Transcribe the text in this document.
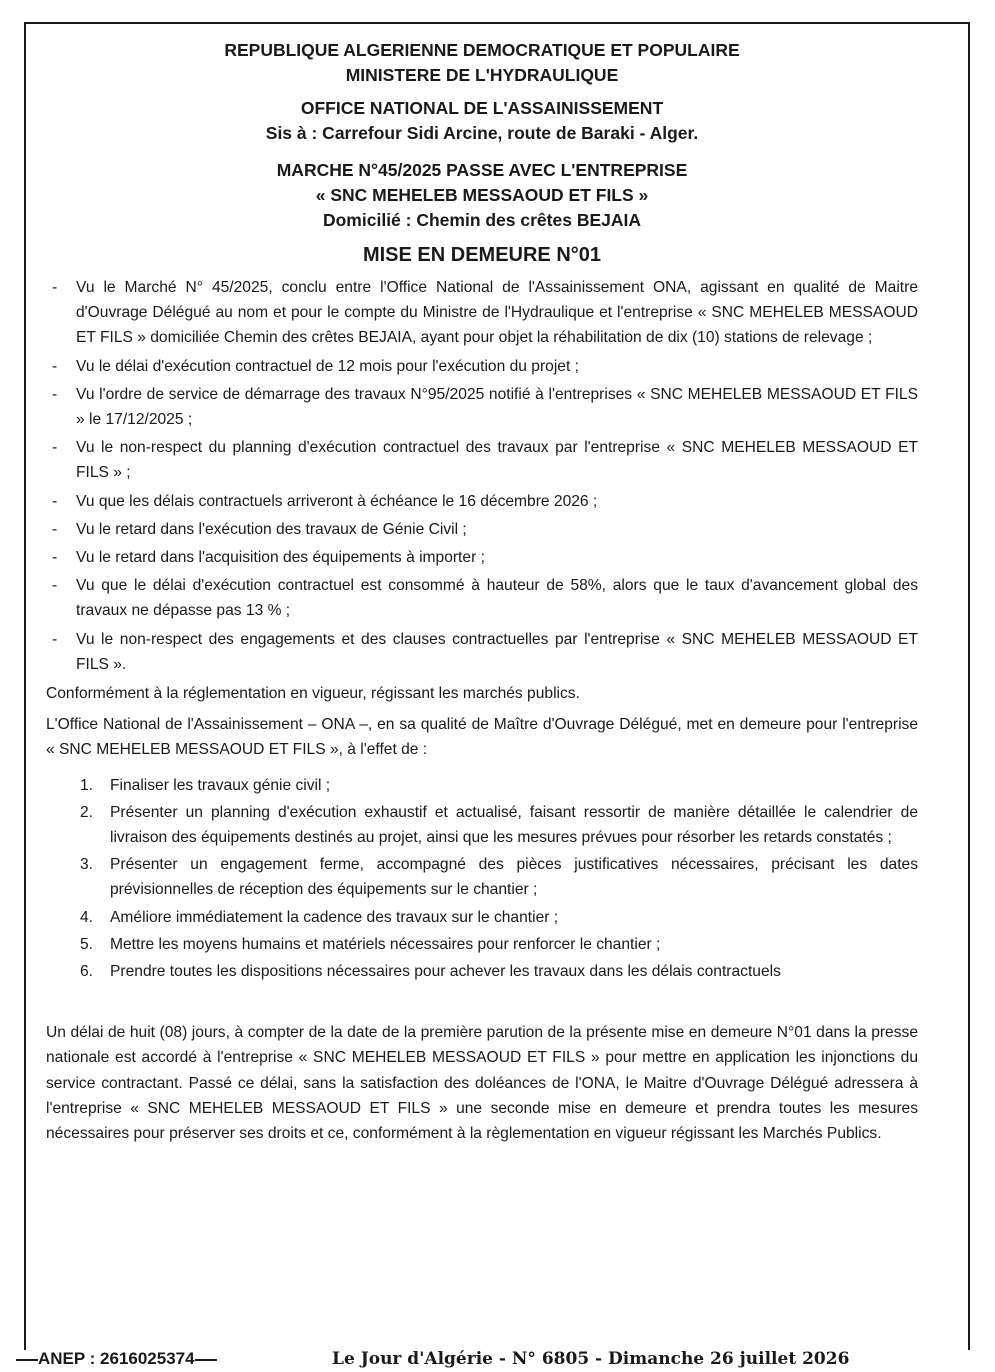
REPUBLIQUE ALGERIENNE DEMOCRATIQUE ET POPULAIRE
MINISTERE DE L'HYDRAULIQUE
OFFICE NATIONAL DE L'ASSAINISSEMENT
Sis à : Carrefour Sidi Arcine, route de Baraki - Alger.
MARCHE N°45/2025 PASSE AVEC L'ENTREPRISE
« SNC MEHELEB MESSAOUD ET FILS »
Domicilié : Chemin des crêtes BEJAIA
MISE EN DEMEURE N°01
- Vu le Marché N° 45/2025, conclu entre l'Office National de l'Assainissement ONA, agissant en qualité de Maitre d'Ouvrage Délégué au nom et pour le compte du Ministre de l'Hydraulique et l'entreprise « SNC MEHELEB MESSAOUD ET FILS » domiciliée Chemin des crêtes BEJAIA, ayant pour objet la réhabilitation de dix (10) stations de relevage ;
- Vu le délai d'exécution contractuel de 12 mois pour l'exécution du projet ;
- Vu l'ordre de service de démarrage des travaux N°95/2025 notifié à l'entreprises « SNC MEHELEB MESSAOUD ET FILS » le 17/12/2025 ;
- Vu le non-respect du planning d'exécution contractuel des travaux par l'entreprise « SNC MEHELEB MESSAOUD ET FILS » ;
- Vu que les délais contractuels arriveront à échéance le 16 décembre 2026 ;
- Vu le retard dans l'exécution des travaux de Génie Civil ;
- Vu le retard dans l'acquisition des équipements à importer ;
- Vu que le délai d'exécution contractuel est consommé à hauteur de 58%, alors que le taux d'avancement global des travaux ne dépasse pas 13 % ;
- Vu le non-respect des engagements et des clauses contractuelles par l'entreprise « SNC MEHELEB MESSAOUD ET FILS ».
Conformément à la réglementation en vigueur, régissant les marchés publics.
L'Office National de l'Assainissement – ONA –, en sa qualité de Maître d'Ouvrage Délégué, met en demeure pour l'entreprise « SNC MEHELEB MESSAOUD ET FILS », à l'effet de :
1. Finaliser les travaux génie civil ;
2. Présenter un planning d'exécution exhaustif et actualisé, faisant ressortir de manière détaillée le calendrier de livraison des équipements destinés au projet, ainsi que les mesures prévues pour résorber les retards constatés ;
3. Présenter un engagement ferme, accompagné des pièces justificatives nécessaires, précisant les dates prévisionnelles de réception des équipements sur le chantier ;
4. Améliore immédiatement la cadence des travaux sur le chantier ;
5. Mettre les moyens humains et matériels nécessaires pour renforcer le chantier ;
6. Prendre toutes les dispositions nécessaires pour achever les travaux dans les délais contractuels
Un délai de huit (08) jours, à compter de la date de la première parution de la présente mise en demeure N°01 dans la presse nationale est accordé à l'entreprise « SNC MEHELEB MESSAOUD ET FILS » pour mettre en application les injonctions du service contractant. Passé ce délai, sans la satisfaction des doléances de l'ONA, le Maitre d'Ouvrage Délégué adressera à l'entreprise « SNC MEHELEB MESSAOUD ET FILS » une seconde mise en demeure et prendra toutes les mesures nécessaires pour préserver ses droits et ce, conformément à la règlementation en vigueur régissant les Marchés Publics.
ANEP : 2616025374	Le Jour d'Algérie - N° 6805 - Dimanche 26 juillet 2026
